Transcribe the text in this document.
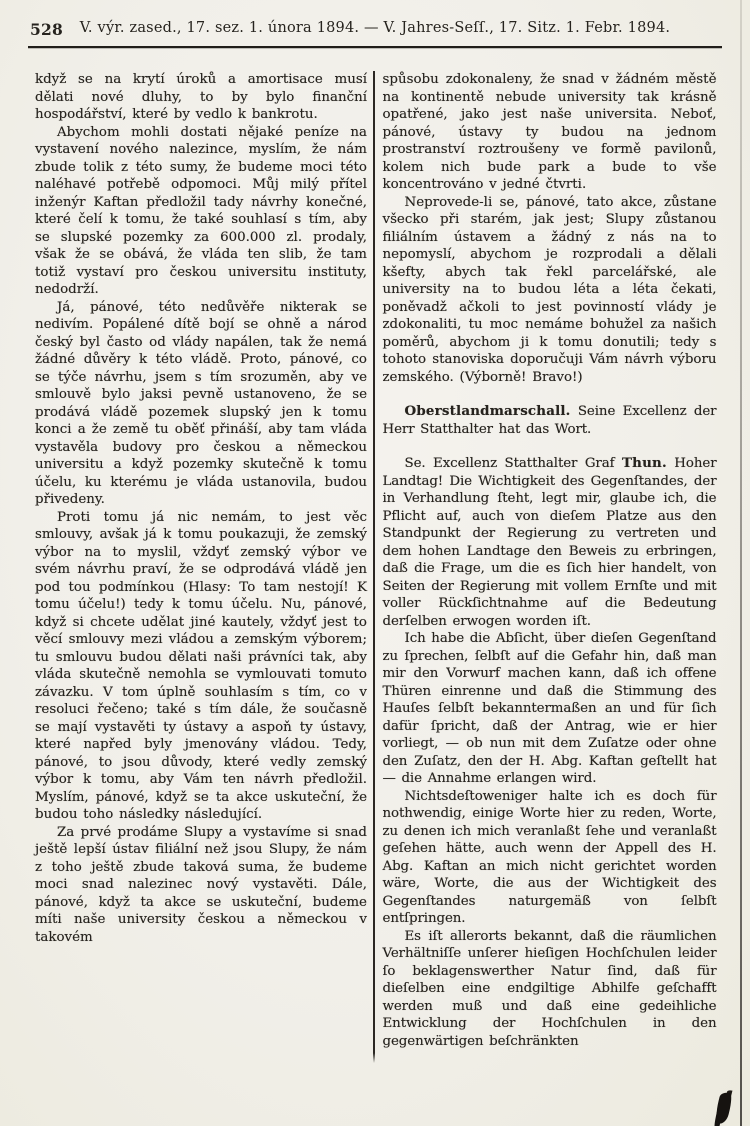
528 V. výr. zased., 17. sez. 1. února 1894. — V. Jahres-Seſſ., 17. Sitz. 1. Febr. 1894.

když se na krytí úroků a amortisace musí dělati nové dluhy, to by bylo finanční hospodářství, které by vedlo k bankrotu.

Abychom mohli dostati nějaké peníze na vystavení nového nalezince, myslím, že nám zbude tolik z této sumy, že budeme moci této naléhavé potřebě odpomoci. Můj milý přítel inženýr Kaftan předložil tady návrhy konečné, které čelí k tomu, že také souhlasí s tím, aby se slupské pozemky za 600.000 zl. prodaly, však že se obává, že vláda ten slib, že tam totiž vystaví pro českou universitu instituty, nedodrží.

Já, pánové, této nedůvěře nikterak se nedivím. Popálené dítě bojí se ohně a národ český byl často od vlády napálen, tak že nemá žádné důvěry k této vládě. Proto, pánové, co se týče návrhu, jsem s tím srozuměn, aby ve smlouvě bylo jaksi pevně ustanoveno, že se prodává vládě pozemek slupský jen k tomu konci a že země tu oběť přináší, aby tam vláda vystavěla budovy pro českou a německou universitu a když pozemky skutečně k tomu účelu, ku kterému je vláda ustanovila, budou přivedeny.

Proti tomu já nic nemám, to jest věc smlouvy, avšak já k tomu poukazuji, že zemský výbor na to myslil, vždyť zemský výbor ve svém návrhu praví, že se odprodává vládě jen pod tou podmínkou (Hlasy: To tam nestojí! K tomu účelu!) tedy k tomu účelu. Nu, pánové, když si chcete udělat jiné kautely, vždyť jest to věcí smlouvy mezi vládou a zemským výborem; tu smlouvu budou dělati naši právníci tak, aby vláda skutečně nemohla se vymlouvati tomuto závazku. V tom úplně souhlasím s tím, co v resoluci řečeno; také s tím dále, že současně se mají vystavěti ty ústavy a aspoň ty ústavy, které napřed byly jmenovány vládou. Tedy, pánové, to jsou důvody, které vedly zemský výbor k tomu, aby Vám ten návrh předložil. Myslím, pánové, když se ta akce uskuteční, že budou toho následky následující.

Za prvé prodáme Slupy a vystavíme si snad ještě lepší ústav filiální než jsou Slupy, že nám z toho ještě zbude taková suma, že budeme moci snad nalezinec nový vystavěti. Dále, pánové, když ta akce se uskuteční, budeme míti naše university českou a německou v takovém

spůsobu zdokonaleny, že snad v žádném městě na kontinentě nebude university tak krásně opatřené, jako jest naše universita. Neboť, pánové, ústavy ty budou na jednom prostranství roztroušeny ve formě pavilonů, kolem nich bude park a bude to vše koncentrováno v jedné čtvrti.

Neprovede-li se, pánové, tato akce, zůstane všecko při starém, jak jest; Slupy zůstanou filiálním ústavem a žádný z nás na to nepomyslí, abychom je rozprodali a dělali kšefty, abych tak řekl parcelářské, ale university na to budou léta a léta čekati, poněvadž ačkoli to jest povinností vlády je zdokonaliti, tu moc nemáme bohužel za našich poměrů, abychom ji k tomu donutili; tedy s tohoto stanoviska doporučuji Vám návrh výboru zemského. (Výborně! Bravo!)

Oberstlandmarschall. Seine Excellenz der Herr Statthalter hat das Wort.

Se. Excellenz Statthalter Graf Thun. Hoher Landtag! Die Wichtigkeit des Gegenſtandes, der in Verhandlung ſteht, legt mir, glaube ich, die Pflicht auf, auch von dieſem Platze aus den Standpunkt der Regierung zu vertreten und dem hohen Landtage den Beweis zu erbringen, daß die Frage, um die es ſich hier handelt, von Seiten der Regierung mit vollem Ernſte und mit voller Rückſichtnahme auf die Bedeutung derſelben erwogen worden iſt.

Ich habe die Abſicht, über dieſen Gegenſtand zu ſprechen, ſelbſt auf die Gefahr hin, daß man mir den Vorwurf machen kann, daß ich offene Thüren einrenne und daß die Stimmung des Hauſes ſelbſt bekanntermaßen an und für ſich dafür ſpricht, daß der Antrag, wie er hier vorliegt, — ob nun mit dem Zuſatze oder ohne den Zuſatz, den der H. Abg. Kaftan geſtellt hat — die Annahme erlangen wird.

Nichtsdeſtoweniger halte ich es doch für nothwendig, einige Worte hier zu reden, Worte, zu denen ich mich veranlaßt ſehe und veranlaßt geſehen hätte, auch wenn der Appell des H. Abg. Kaftan an mich nicht gerichtet worden wäre, Worte, die aus der Wichtigkeit des Gegenſtandes naturgemäß von ſelbſt entſpringen.

Es iſt allerorts bekannt, daß die räumlichen Verhältniſſe unſerer hieſigen Hochſchulen leider ſo beklagenswerther Natur ſind, daß für dieſelben eine endgiltige Abhilfe geſchafft werden muß und daß eine gedeihliche Entwicklung der Hochſchulen in den gegenwärtigen beſchränkten
